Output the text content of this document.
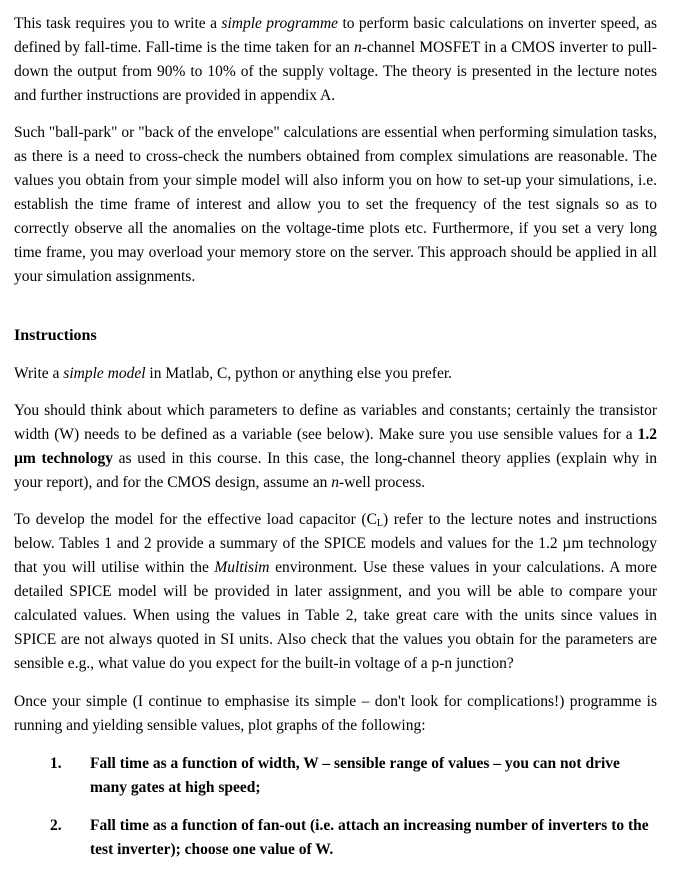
This task requires you to write a simple programme to perform basic calculations on inverter speed, as defined by fall-time. Fall-time is the time taken for an n-channel MOSFET in a CMOS inverter to pull-down the output from 90% to 10% of the supply voltage. The theory is presented in the lecture notes and further instructions are provided in appendix A.

Such "ball-park" or "back of the envelope" calculations are essential when performing simulation tasks, as there is a need to cross-check the numbers obtained from complex simulations are reasonable. The values you obtain from your simple model will also inform you on how to set-up your simulations, i.e. establish the time frame of interest and allow you to set the frequency of the test signals so as to correctly observe all the anomalies on the voltage-time plots etc. Furthermore, if you set a very long time frame, you may overload your memory store on the server. This approach should be applied in all your simulation assignments.

Instructions

Write a simple model in Matlab, C, python or anything else you prefer.

You should think about which parameters to define as variables and constants; certainly the transistor width (W) needs to be defined as a variable (see below). Make sure you use sensible values for a 1.2 µm technology as used in this course. In this case, the long-channel theory applies (explain why in your report), and for the CMOS design, assume an n-well process.

To develop the model for the effective load capacitor $(C_L)$ refer to the lecture notes and instructions below. Tables 1 and 2 provide a summary of the SPICE models and values for the 1.2 µm technology that you will utilise within the Multisim environment. Use these values in your calculations. A more detailed SPICE model will be provided in later assignment, and you will be able to compare your calculated values. When using the values in Table 2, take great care with the units since values in SPICE are not always quoted in SI units. Also check that the values you obtain for the parameters are sensible e.g., what value do you expect for the built-in voltage of a p-n junction?

Once your simple (I continue to emphasise its simple – don't look for complications!) programme is running and yielding sensible values, plot graphs of the following:

1. Fall time as a function of width, W – sensible range of values – you can not drive many gates at high speed;
2. Fall time as a function of fan-out (i.e. attach an increasing number of inverters to the test inverter); choose one value of W.
